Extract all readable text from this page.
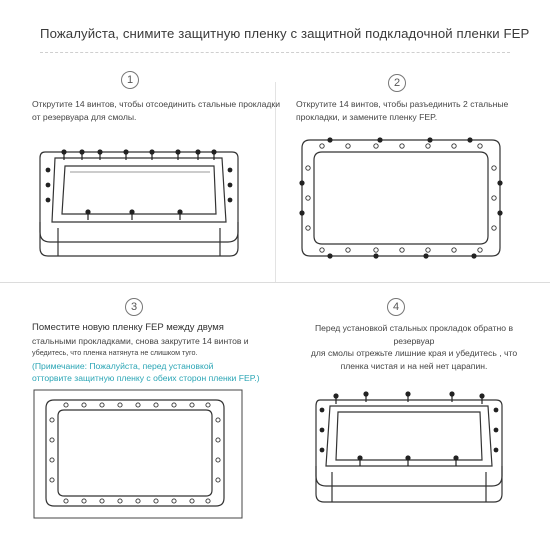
Пожалуйста, снимите защитную пленку с защитной подкладочной пленки FEP
1
Открутите 14 винтов, чтобы отсоединить стальные прокладки
от резервуара для смолы.
2
Открутите 14 винтов, чтобы разъединить 2 стальные
прокладки, и замените пленку FEP.
3
Поместите новую пленку FEP между двумя
стальными прокладками, снова закрутите 14 винтов и
убедитесь, что пленка натянута не слишком туго.
(Примечание: Пожалуйста, перед установкой
отторвите защитную пленку с обеих сторон пленки FEP.)
4
Перед установкой стальных прокладок обратно в резервуар
для смолы отрежьте лишние края и убедитесь , что
пленка чистая и на ней нет царапин.
